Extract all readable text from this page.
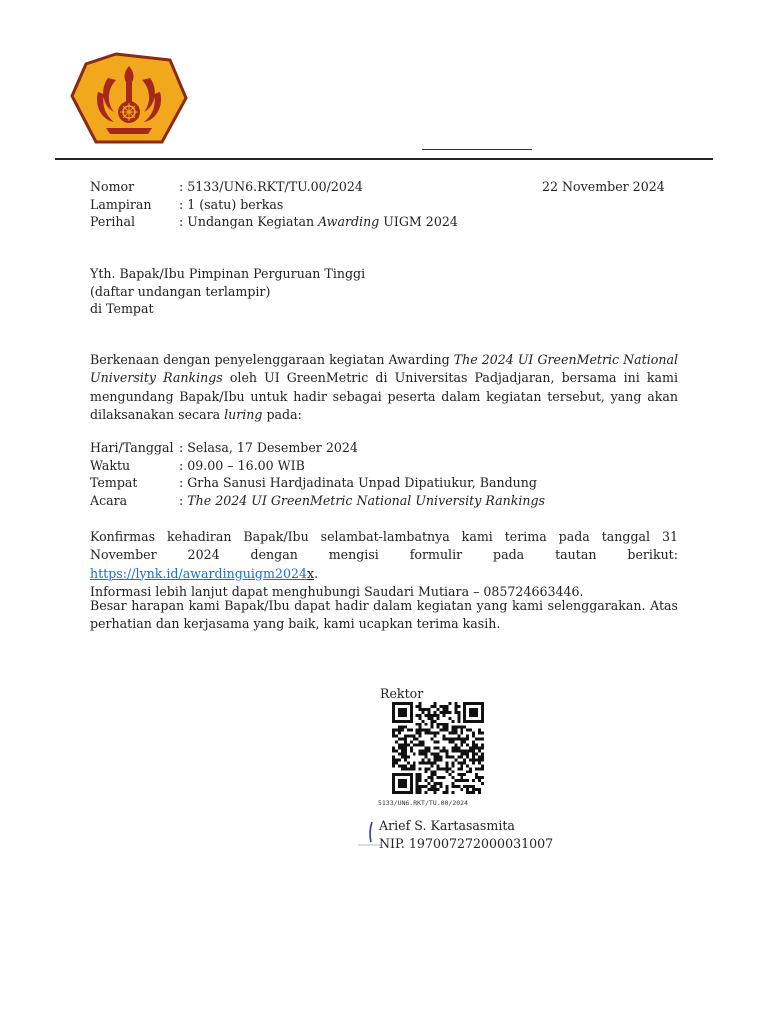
Nomor	: 5133/UN6.RKT/TU.00/2024	22 November 2024
Lampiran : 1 (satu) berkas
Perihal	: Undangan Kegiatan Awarding UIGM 2024
Yth. Bapak/Ibu Pimpinan Perguruan Tinggi
(daftar undangan terlampir)
di Tempat

Berkenaan dengan penyelenggaraan kegiatan Awarding The 2024 UI GreenMetric National University Rankings oleh UI GreenMetric di Universitas Padjadjaran, bersama ini kami mengundang Bapak/Ibu untuk hadir sebagai peserta dalam kegiatan tersebut, yang akan dilaksanakan secara luring pada:

Hari/Tanggal : Selasa, 17 Desember 2024
Waktu	: 09.00 – 16.00 WIB
Tempat	: Grha Sanusi Hardjadinata Unpad Dipatiukur, Bandung
Acara	: The 2024 UI GreenMetric National University Rankings

Konfirmas kehadiran Bapak/Ibu selambat-lambatnya kami terima pada tanggal 31 November 2024 dengan mengisi formulir pada tautan berikut: https://lynk.id/awardinguigm2024x.

Informasi lebih lanjut dapat menghubungi Saudari Mutiara – 085724663446.

Besar harapan kami Bapak/Ibu dapat hadir dalam kegiatan yang kami selenggarakan. Atas perhatian dan kerjasama yang baik, kami ucapkan terima kasih.
Rektor
5133/UN6.RKT/TU.00/2024
Arief S. Kartasasmita
NIP. 197007272000031007
